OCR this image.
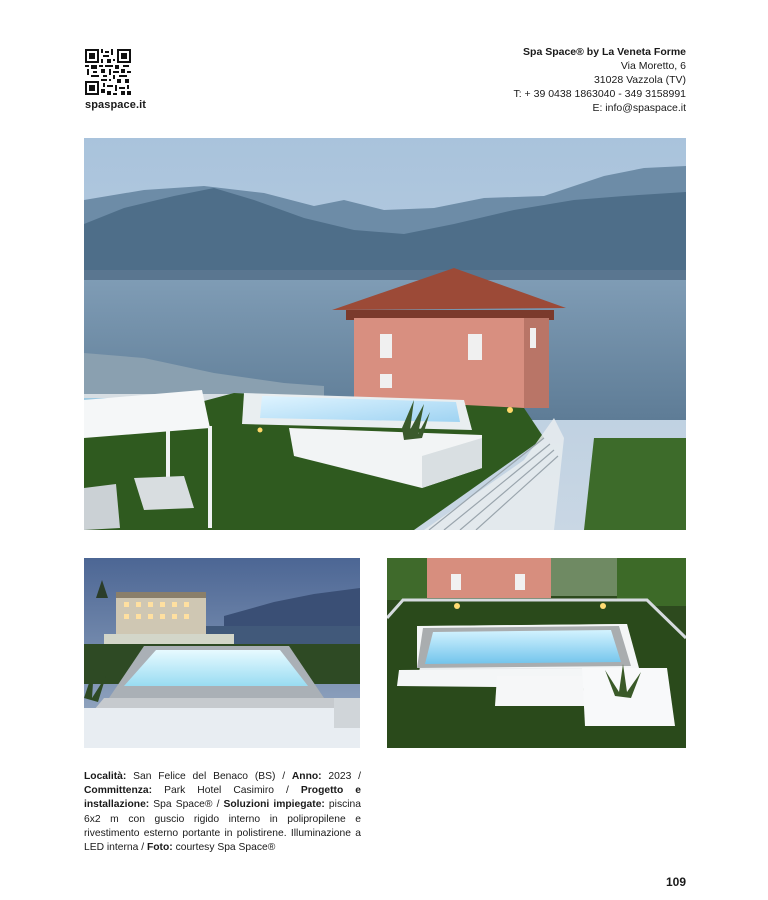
spaspace.it
Spa Space® by La Veneta Forme
Via Moretto, 6
31028 Vazzola (TV)
T: + 39 0438 1863040 - 349 3158991
E: info@spaspace.it
Località: San Felice del Benaco (BS) / Anno: 2023 / Committenza: Park Hotel Casimiro / Progetto e installazione: Spa Space® / Soluzioni impiegate: piscina 6x2 m con guscio rigido interno in polipropilene e rivestimento esterno portante in polistirene. Illuminazione a LED interna / Foto: courtesy Spa Space®
109
